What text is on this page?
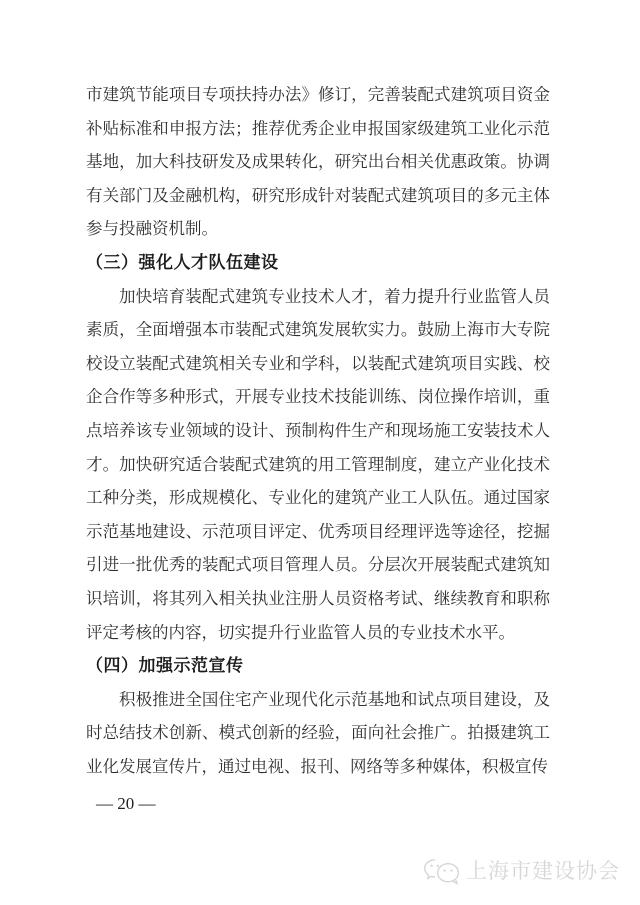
市建筑节能项目专项扶持办法》修订，完善装配式建筑项目资金补贴标准和申报方法；推荐优秀企业申报国家级建筑工业化示范基地，加大科技研发及成果转化，研究出台相关优惠政策。协调有关部门及金融机构，研究形成针对装配式建筑项目的多元主体参与投融资机制。

（三）强化人才队伍建设

加快培育装配式建筑专业技术人才，着力提升行业监管人员素质，全面增强本市装配式建筑发展软实力。鼓励上海市大专院校设立装配式建筑相关专业和学科，以装配式建筑项目实践、校企合作等多种形式，开展专业技术技能训练、岗位操作培训，重点培养该专业领域的设计、预制构件生产和现场施工安装技术人才。加快研究适合装配式建筑的用工管理制度，建立产业化技术工种分类，形成规模化、专业化的建筑产业工人队伍。通过国家示范基地建设、示范项目评定、优秀项目经理评选等途径，挖掘引进一批优秀的装配式项目管理人员。分层次开展装配式建筑知识培训，将其列入相关执业注册人员资格考试、继续教育和职称评定考核的内容，切实提升行业监管人员的专业技术水平。

（四）加强示范宣传

积极推进全国住宅产业现代化示范基地和试点项目建设，及时总结技术创新、模式创新的经验，面向社会推广。拍摄建筑工业化发展宣传片，通过电视、报刊、网络等多种媒体，积极宣传

— 20 —
上海市建设协会
